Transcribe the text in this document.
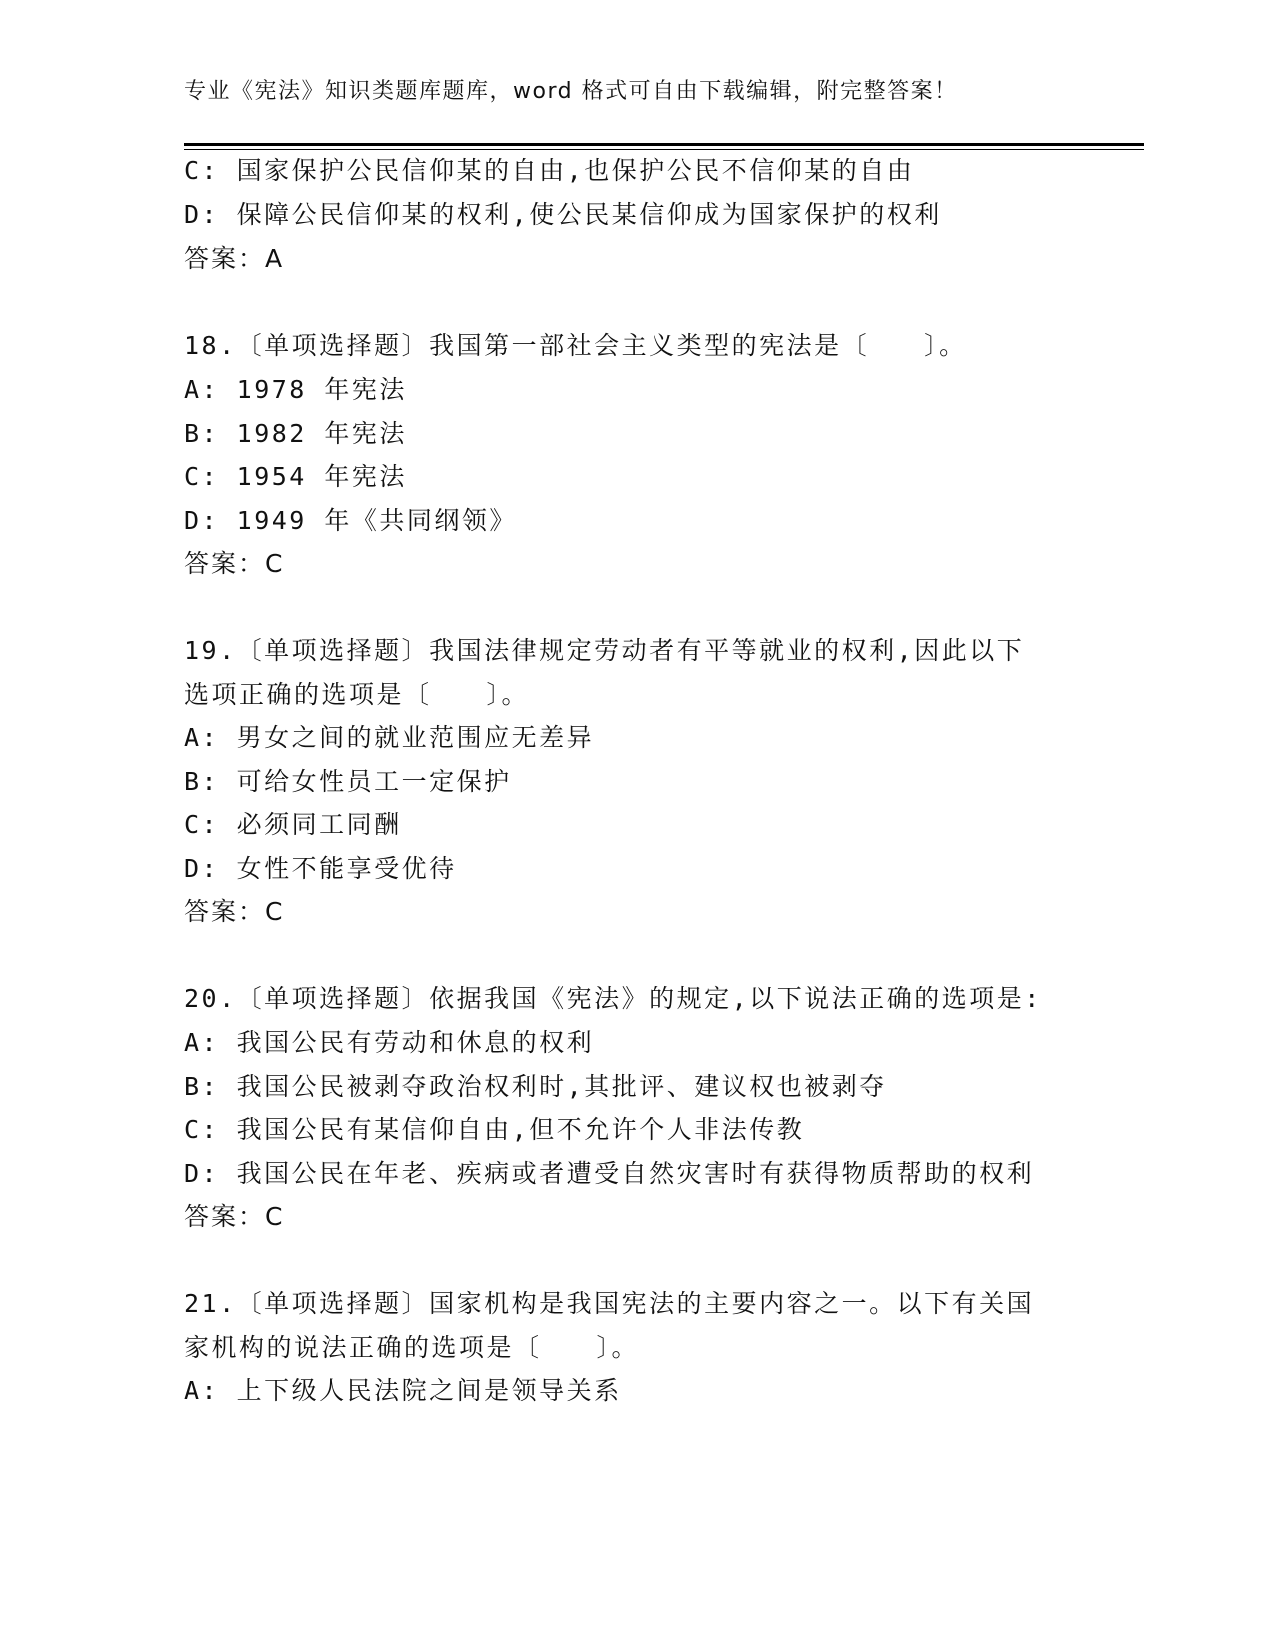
专业《宪法》知识类题库题库，word 格式可自由下载编辑，附完整答案！
C: 国家保护公民信仰某的自由,也保护公民不信仰某的自由
D: 保障公民信仰某的权利,使公民某信仰成为国家保护的权利
答案：A
18.〔单项选择题〕我国第一部社会主义类型的宪法是〔　　〕。
A: 1978 年宪法
B: 1982 年宪法
C: 1954 年宪法
D: 1949 年《共同纲领》
答案：C
19.〔单项选择题〕我国法律规定劳动者有平等就业的权利,因此以下
选项正确的选项是〔　　〕。
A: 男女之间的就业范围应无差异
B: 可给女性员工一定保护
C: 必须同工同酬
D: 女性不能享受优待
答案：C
20.〔单项选择题〕依据我国《宪法》的规定,以下说法正确的选项是:
A: 我国公民有劳动和休息的权利
B: 我国公民被剥夺政治权利时,其批评、建议权也被剥夺
C: 我国公民有某信仰自由,但不允许个人非法传教
D: 我国公民在年老、疾病或者遭受自然灾害时有获得物质帮助的权利
答案：C
21.〔单项选择题〕国家机构是我国宪法的主要内容之一。以下有关国
家机构的说法正确的选项是〔　　〕。
A: 上下级人民法院之间是领导关系
